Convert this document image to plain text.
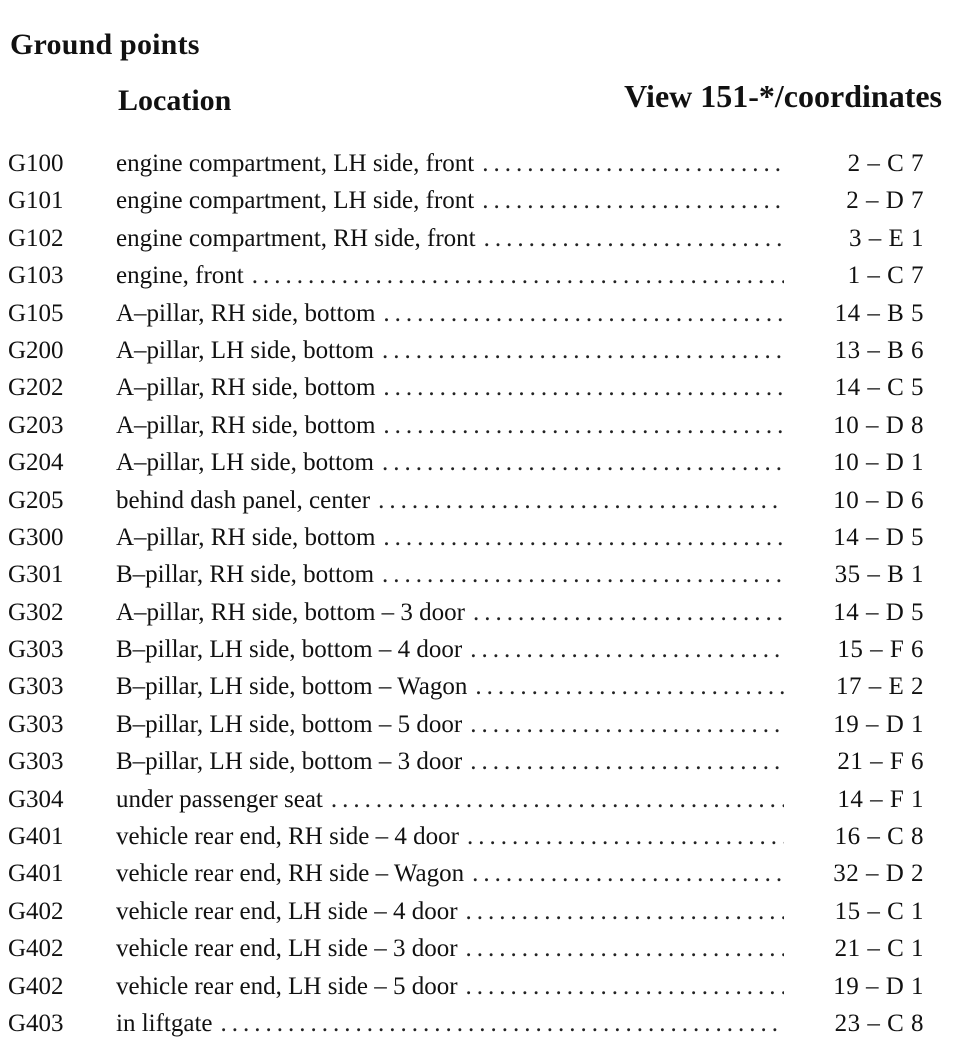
Ground points
Location	View 151-*/coordinates
G100	engine compartment, LH side, front .....	2 – C 7
G101	engine compartment, LH side, front .....	2 – D 7
G102	engine compartment, RH side, front .....	3 – E 1
G103	engine, front .....	1 – C 7
G105	A–pillar, RH side, bottom .....	14 – B 5
G200	A–pillar, LH side, bottom .....	13 – B 6
G202	A–pillar, RH side, bottom .....	14 – C 5
G203	A–pillar, RH side, bottom .....	10 – D 8
G204	A–pillar, LH side, bottom .....	10 – D 1
G205	behind dash panel, center .....	10 – D 6
G300	A–pillar, RH side, bottom .....	14 – D 5
G301	B–pillar, RH side, bottom .....	35 – B 1
G302	A–pillar, RH side, bottom – 3 door .....	14 – D 5
G303	B–pillar, LH side, bottom – 4 door .....	15 – F 6
G303	B–pillar, LH side, bottom – Wagon .....	17 – E 2
G303	B–pillar, LH side, bottom – 5 door .....	19 – D 1
G303	B–pillar, LH side, bottom – 3 door .....	21 – F 6
G304	under passenger seat .....	14 – F 1
G401	vehicle rear end, RH side – 4 door .....	16 – C 8
G401	vehicle rear end, RH side – Wagon .....	32 – D 2
G402	vehicle rear end, LH side – 4 door .....	15 – C 1
G402	vehicle rear end, LH side – 3 door .....	21 – C 1
G402	vehicle rear end, LH side – 5 door .....	19 – D 1
G403	in liftgate .....	23 – C 8
